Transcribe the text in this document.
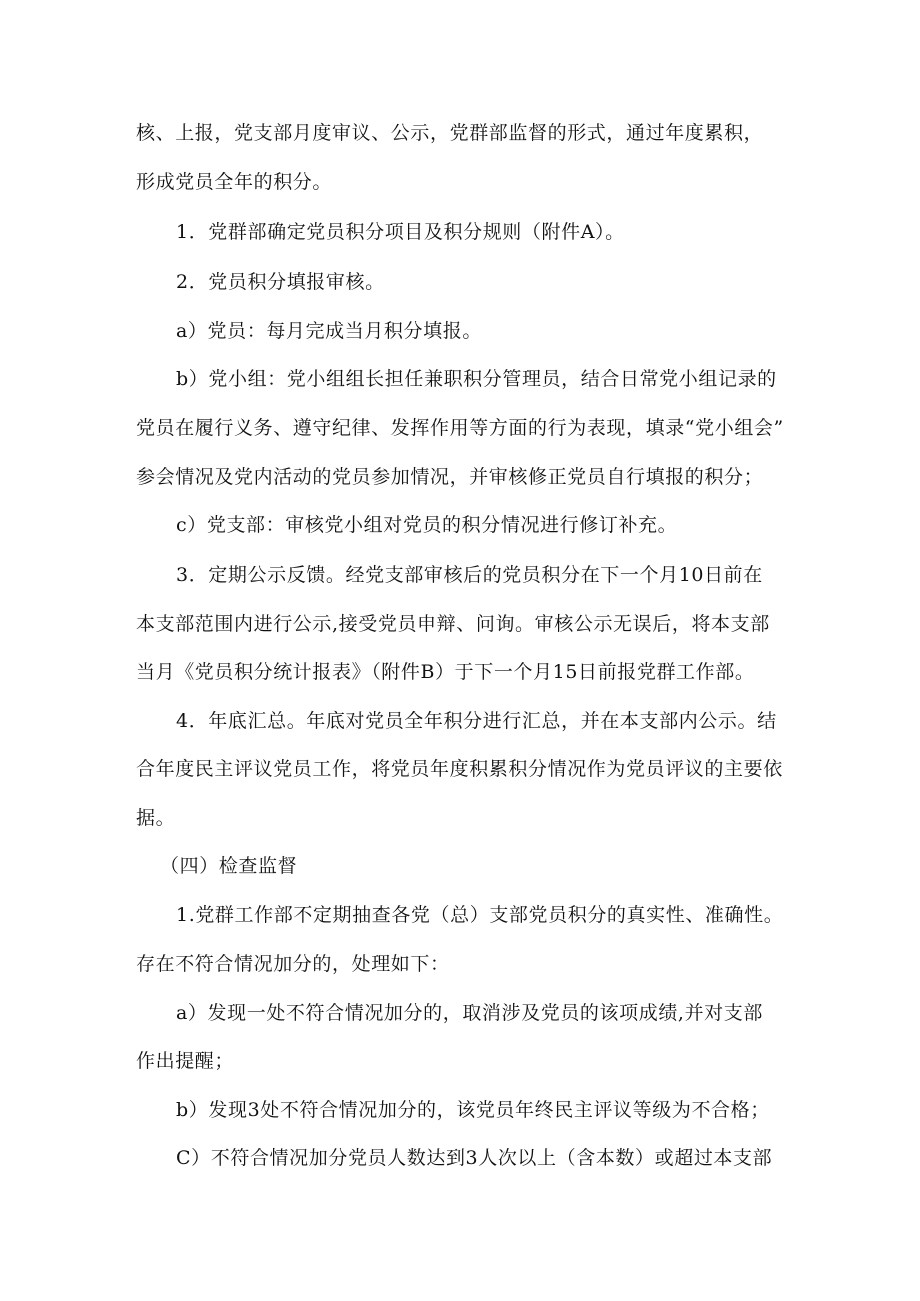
核、上报，党支部月度审议、公示，党群部监督的形式，通过年度累积，
形成党员全年的积分。
1．党群部确定党员积分项目及积分规则（附件A）。
2．党员积分填报审核。
a）党员：每月完成当月积分填报。
b）党小组：党小组组长担任兼职积分管理员，结合日常党小组记录的
党员在履行义务、遵守纪律、发挥作用等方面的行为表现，填录“党小组会”
参会情况及党内活动的党员参加情况，并审核修正党员自行填报的积分；
c）党支部：审核党小组对党员的积分情况进行修订补充。
3．定期公示反馈。经党支部审核后的党员积分在下一个月10日前在
本支部范围内进行公示,接受党员申辩、问询。审核公示无误后，将本支部
当月《党员积分统计报表》（附件B）于下一个月15日前报党群工作部。
4．年底汇总。年底对党员全年积分进行汇总，并在本支部内公示。结
合年度民主评议党员工作，将党员年度积累积分情况作为党员评议的主要依
据。
（四）检查监督
1.党群工作部不定期抽查各党（总）支部党员积分的真实性、准确性。
存在不符合情况加分的，处理如下：
a）发现一处不符合情况加分的，取消涉及党员的该项成绩,并对支部
作出提醒；
b）发现3处不符合情况加分的，该党员年终民主评议等级为不合格；
C）不符合情况加分党员人数达到3人次以上（含本数）或超过本支部
